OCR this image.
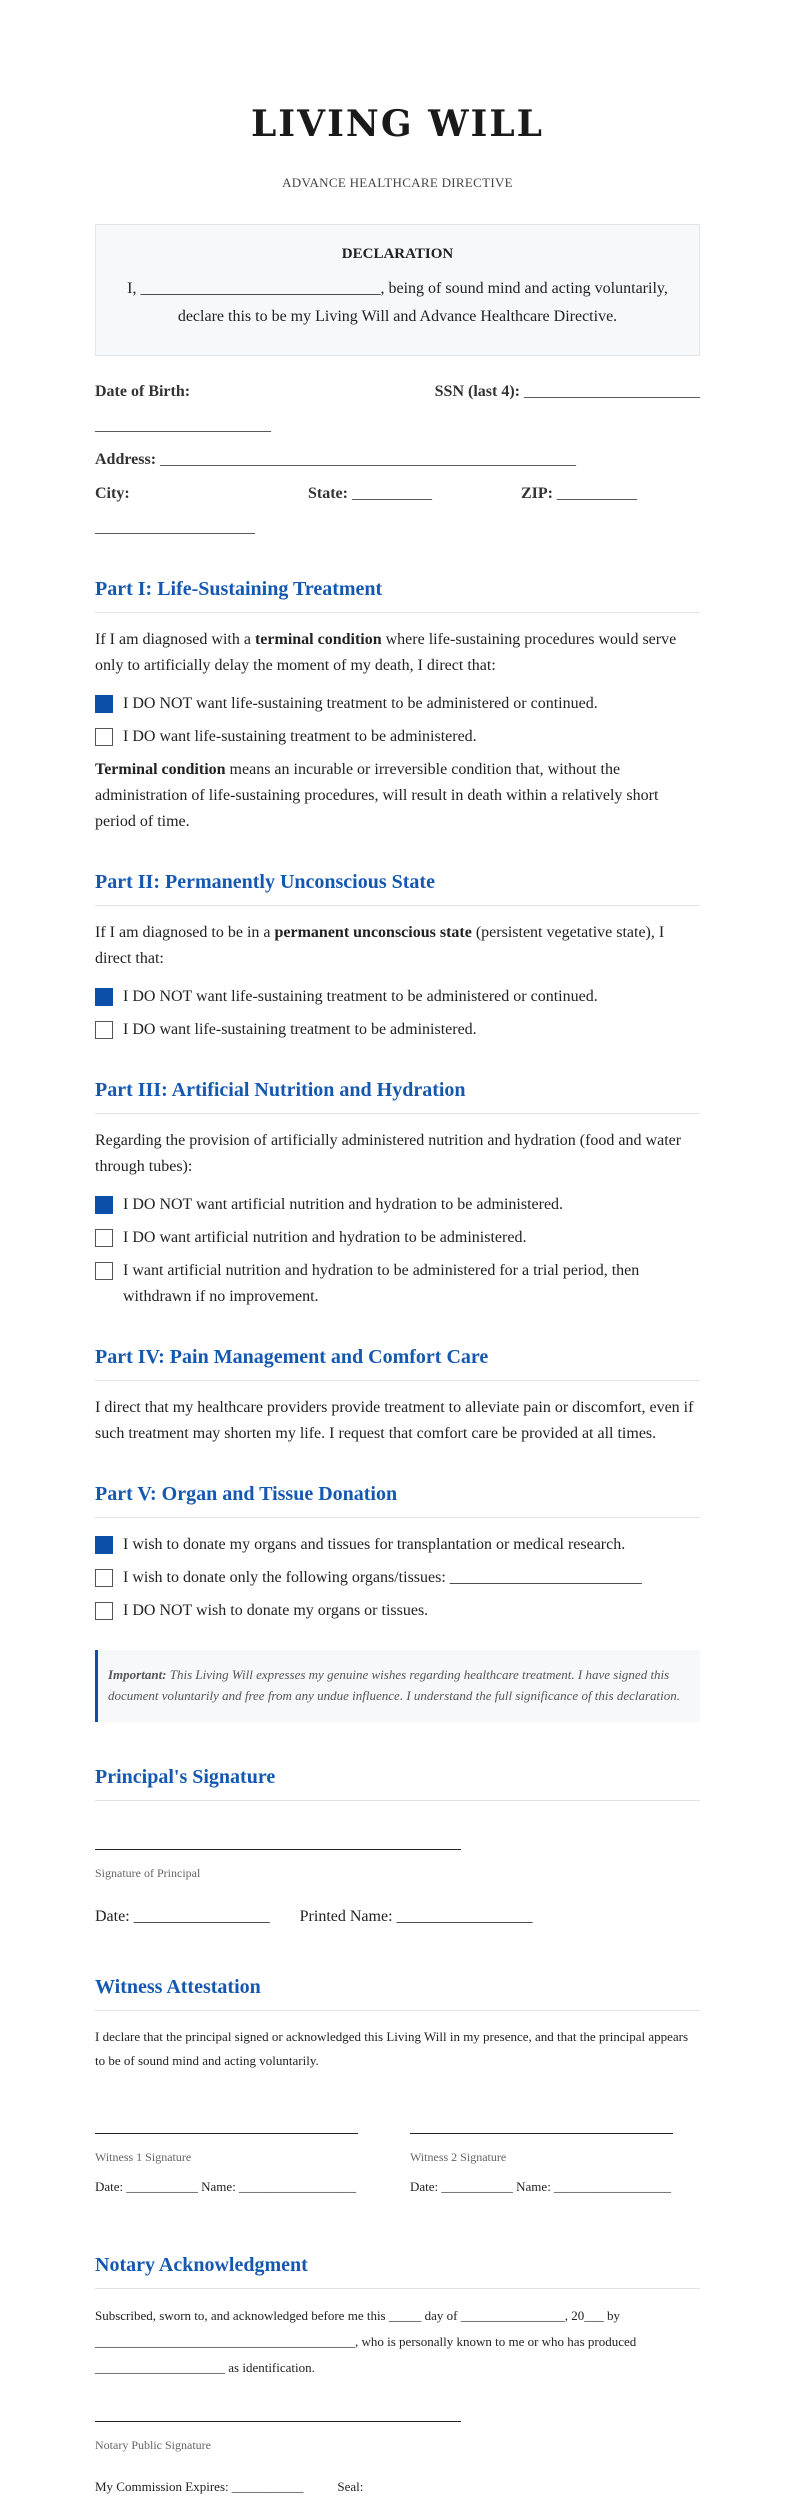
LIVING WILL
ADVANCE HEALTHCARE DIRECTIVE
DECLARATION

I, ______________________________, being of sound mind and acting voluntarily, declare this to be my Living Will and Advance Healthcare Directive.

Date of Birth:	SSN (last 4): ______________________
______________________
Address:
____________________________________________________
City:	State: __________	ZIP: __________
____________________
Part I: Life-Sustaining Treatment

If I am diagnosed with a terminal condition where life-sustaining procedures would serve only to artificially delay the moment of my death, I direct that:

I DO NOT want life-sustaining treatment to be administered or continued.
I DO want life-sustaining treatment to be administered.

Terminal condition means an incurable or irreversible condition that, without the administration of life-sustaining procedures, will result in death within a relatively short period of time.

Part II: Permanently Unconscious State

If I am diagnosed to be in a permanent unconscious state (persistent vegetative state), I direct that:

I DO NOT want life-sustaining treatment to be administered or continued.
I DO want life-sustaining treatment to be administered.
Part III: Artificial Nutrition and Hydration

Regarding the provision of artificially administered nutrition and hydration (food and water through tubes):

I DO NOT want artificial nutrition and hydration to be administered.
I DO want artificial nutrition and hydration to be administered.
I want artificial nutrition and hydration to be administered for a trial period, then withdrawn if no improvement.
Part IV: Pain Management and Comfort Care

I direct that my healthcare providers provide treatment to alleviate pain or discomfort, even if such treatment may shorten my life. I request that comfort care be provided at all times.

Part V: Organ and Tissue Donation
I wish to donate my organs and tissues for transplantation or medical research.
I wish to donate only the following organs/tissues: ________________________
I DO NOT wish to donate my organs or tissues.
Important: This Living Will expresses my genuine wishes regarding healthcare treatment. I have signed this document voluntarily and free from any undue influence. I understand the full significance of this declaration.
Principal's Signature
Signature of Principal
Date: _________________ Printed Name: _________________
Witness Attestation

I declare that the principal signed or acknowledged this Living Will in my presence, and that the principal appears to be of sound mind and acting voluntarily.

Witness 1 Signature
Date: ___________ Name: __________________
Witness 2 Signature
Date: ___________ Name: __________________
Notary Acknowledgment

Subscribed, sworn to, and acknowledged before me this _____ day of ________________, 20___ by ________________________________________, who is personally known to me or who has produced ____________________ as identification.

Notary Public Signature
My Commission Expires: ___________	Seal:
